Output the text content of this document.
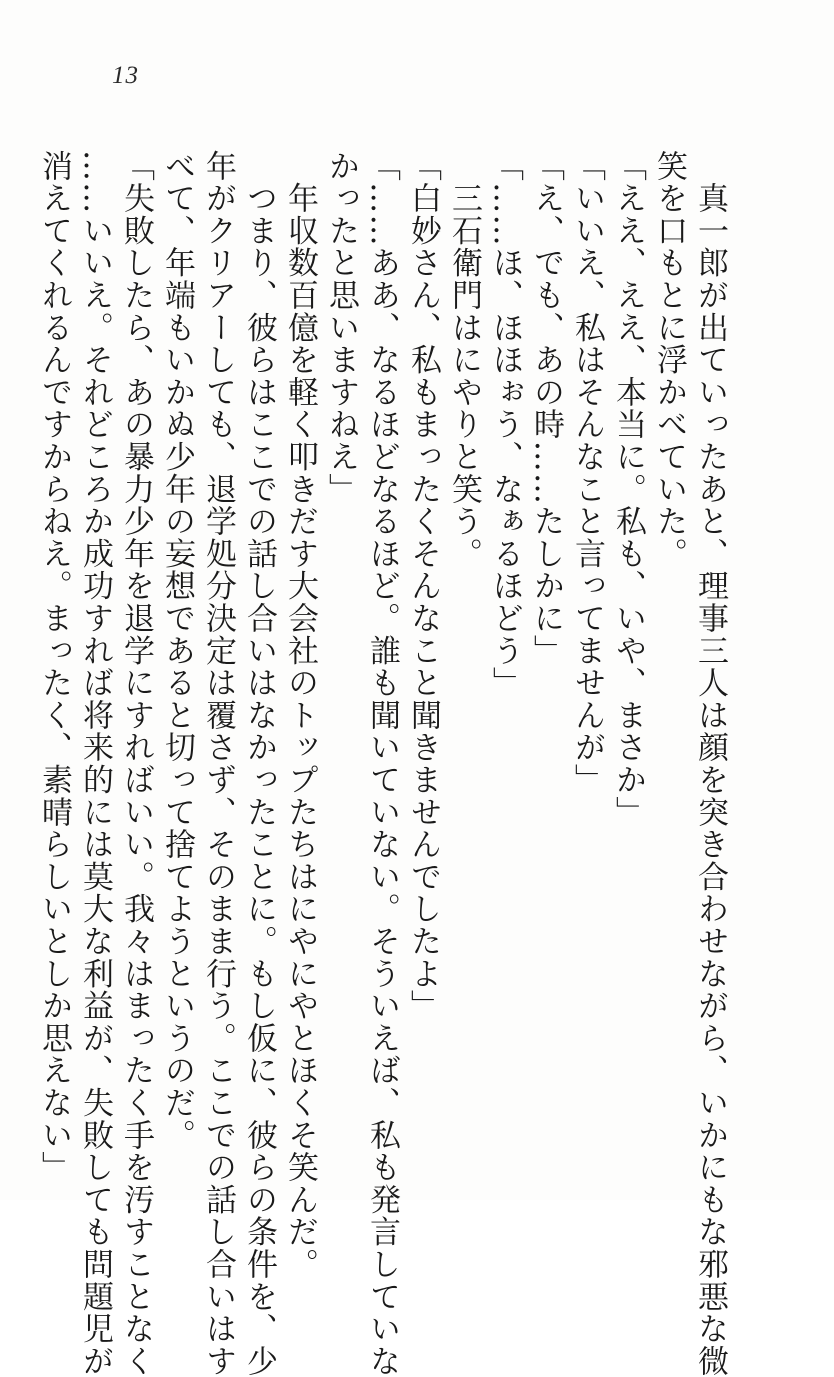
13
　真一郎が出ていったあと、理事三人は顔を突き合わせながら、いかにもな邪悪な微
笑を口もとに浮かべていた。
「ええ、ええ、本当に。私も、いや、まさか」
「いいえ、私はそんなこと言ってませんが」
「え、でも、あの時……たしかに」
「……ほ、ほほぉう、なぁるほどう」
　三石衛門はにやりと笑う。
「白妙さん、私もまったくそんなこと聞きませんでしたよ」
「……ああ、なるほどなるほど。誰も聞いていない。そういえば、私も発言していな
かったと思いますねえ」
　年収数百億を軽く叩きだす大会社のトップたちはにやにやとほくそ笑んだ。
　つまり、彼らはここでの話し合いはなかったことに。もし仮に、彼らの条件を、少
年がクリアーしても、退学処分決定は覆さず、そのまま行う。ここでの話し合いはす
べて、年端もいかぬ少年の妄想であると切って捨てようというのだ。
「失敗したら、あの暴力少年を退学にすればいい。我々はまったく手を汚すことなく
……いいえ。それどころか成功すれば将来的には莫大な利益が、失敗しても問題児が
消えてくれるんですからねえ。まったく、素晴らしいとしか思えない」
